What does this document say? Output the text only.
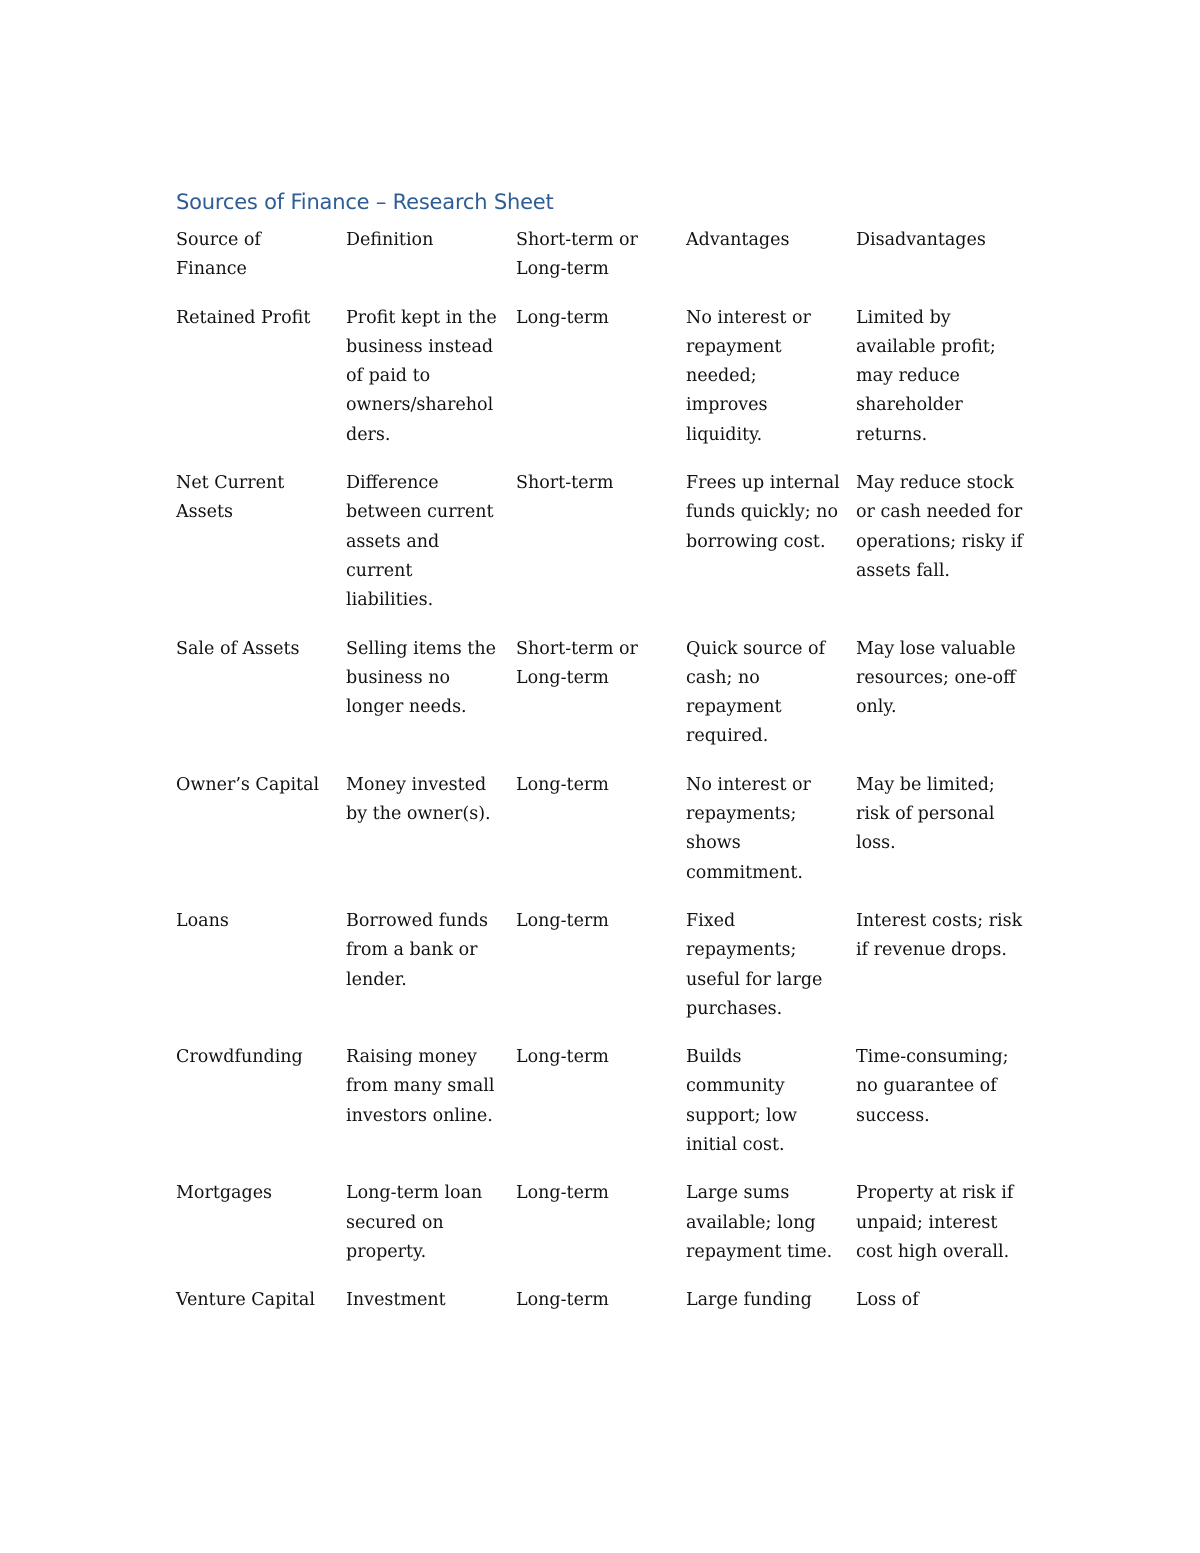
Sources of Finance – Research Sheet
Source of Finance	Definition	Short-term or Long-term	Advantages	Disadvantages
Retained Profit	Profit kept in the business instead of paid to owners/shareholders.	Long-term	No interest or repayment needed; improves liquidity.	Limited by available profit; may reduce shareholder returns.
Net Current Assets	Difference between current assets and current liabilities.	Short-term	Frees up internal funds quickly; no borrowing cost.	May reduce stock or cash needed for operations; risky if assets fall.
Sale of Assets	Selling items the business no longer needs.	Short-term or Long-term	Quick source of cash; no repayment required.	May lose valuable resources; one-off only.
Owner’s Capital	Money invested by the owner(s).	Long-term	No interest or repayments; shows commitment.	May be limited; risk of personal loss.
Loans	Borrowed funds from a bank or lender.	Long-term	Fixed repayments; useful for large purchases.	Interest costs; risk if revenue drops.
Crowdfunding	Raising money from many small investors online.	Long-term	Builds community support; low initial cost.	Time-consuming; no guarantee of success.
Mortgages	Long-term loan secured on property.	Long-term	Large sums available; long repayment time.	Property at risk if unpaid; interest cost high overall.
Venture Capital	Investment	Long-term	Large funding	Loss of
